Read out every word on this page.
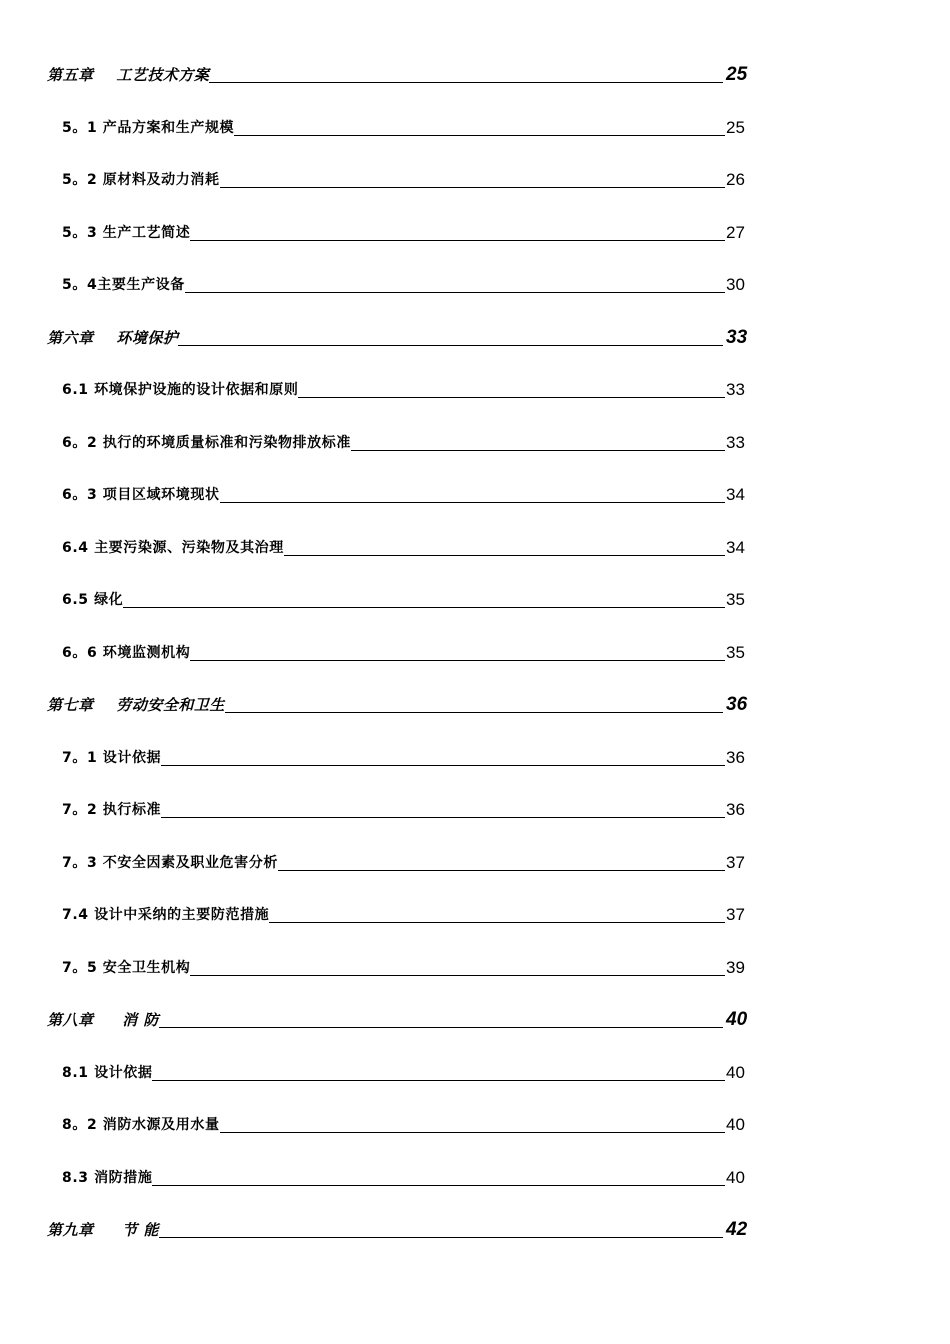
第五章    工艺技术方案	25
5。1 产品方案和生产规模	25
5。2 原材料及动力消耗	26
5。3 生产工艺简述	27
5。4主要生产设备	30
第六章    环境保护	33
6.1 环境保护设施的设计依据和原则	33
6。2 执行的环境质量标准和污染物排放标准	33
6。3 项目区域环境现状	34
6.4 主要污染源、污染物及其治理	34
6.5 绿化	35
6。6 环境监测机构	35
第七章    劳动安全和卫生	36
7。1 设计依据	36
7。2 执行标准	36
7。3 不安全因素及职业危害分析	37
7.4 设计中采纳的主要防范措施	37
7。5 安全卫生机构	39
第八章     消 防	40
8.1 设计依据	40
8。2 消防水源及用水量	40
8.3 消防措施	40
第九章     节 能	42
